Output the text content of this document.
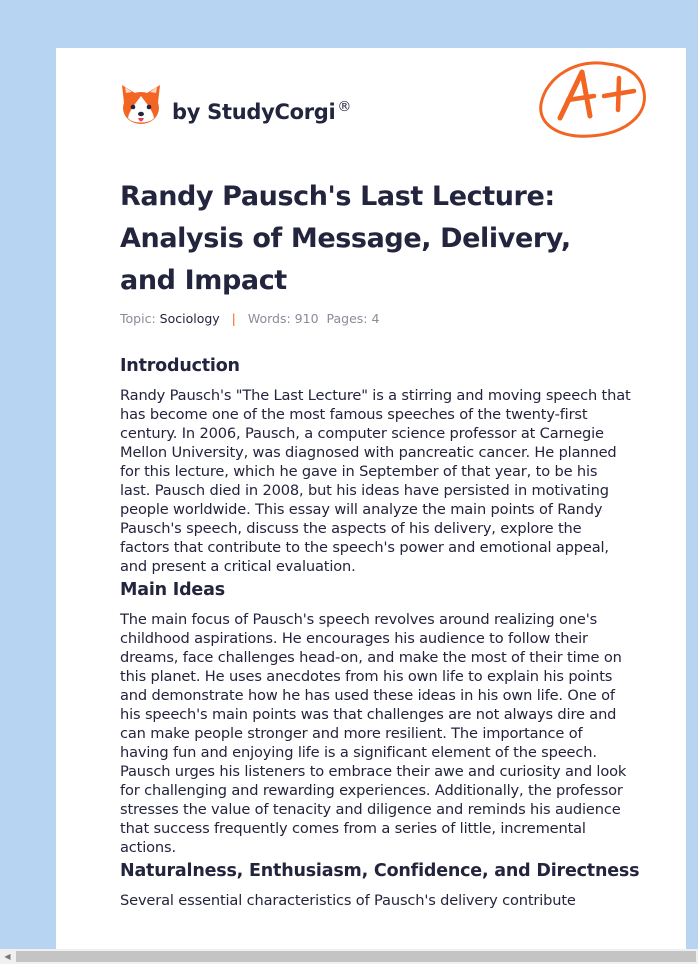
by StudyCorgi ®
Randy Pausch's Last Lecture: Analysis of Message, Delivery, and Impact
Topic: Sociology | Words: 910 Pages: 4
Introduction

Randy Pausch's "The Last Lecture" is a stirring and moving speech that has become one of the most famous speeches of the twenty-first century. In 2006, Pausch, a computer science professor at Carnegie Mellon University, was diagnosed with pancreatic cancer. He planned for this lecture, which he gave in September of that year, to be his last. Pausch died in 2008, but his ideas have persisted in motivating people worldwide. This essay will analyze the main points of Randy Pausch's speech, discuss the aspects of his delivery, explore the factors that contribute to the speech's power and emotional appeal, and present a critical evaluation.

Main Ideas

The main focus of Pausch's speech revolves around realizing one's childhood aspirations. He encourages his audience to follow their dreams, face challenges head-on, and make the most of their time on this planet. He uses anecdotes from his own life to explain his points and demonstrate how he has used these ideas in his own life. One of his speech's main points was that challenges are not always dire and can make people stronger and more resilient. The importance of having fun and enjoying life is a significant element of the speech. Pausch urges his listeners to embrace their awe and curiosity and look for challenging and rewarding experiences. Additionally, the professor stresses the value of tenacity and diligence and reminds his audience that success frequently comes from a series of little, incremental actions.

Naturalness, Enthusiasm, Confidence, and Directness

Several essential characteristics of Pausch's delivery contribute

◀
